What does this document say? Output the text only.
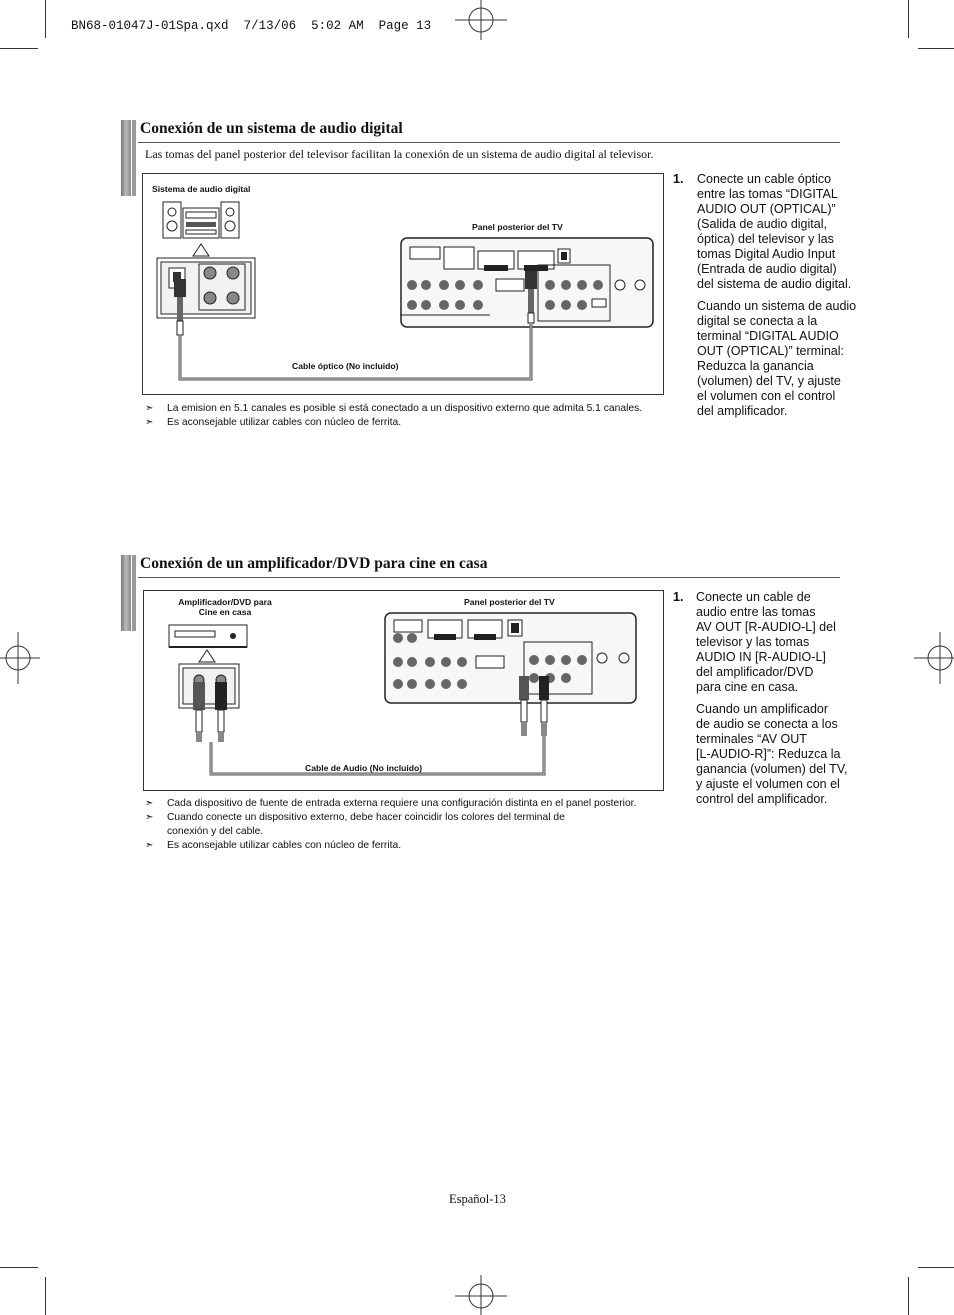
BN68-01047J-01Spa.qxd 7/13/06 5:02 AM Page 13

Conexión de un sistema de audio digital
Las tomas del panel posterior del televisor facilitan la conexión de un sistema de audio digital al televisor.
Sistema de audio digital
Panel posterior del TV
Cable óptico (No incluido)
1. Conecte un cable óptico
entre las tomas “DIGITAL
AUDIO OUT (OPTICAL)”
(Salida de audio digital,
óptica) del televisor y las
tomas Digital Audio Input
(Entrada de audio digital)
del sistema de audio digital.
Cuando un sistema de audio
digital se conecta a la
terminal “DIGITAL AUDIO
OUT (OPTICAL)” terminal:
Reduzca la ganancia
(volumen) del TV, y ajuste
el volumen con el control
del amplificador.
➣ La emision en 5.1 canales es posible si está conectado a un dispositivo externo que admita 5.1 canales.
➣ Es aconsejable utilizar cables con núcleo de ferrita.
Conexión de un amplificador/DVD para cine en casa
Amplificador/DVD para
Cine en casa
Panel posterior del TV
Cable de Audio (No incluido)
1. Conecte un cable de
audio entre las tomas
AV OUT [R-AUDIO-L] del
televisor y las tomas
AUDIO IN [R-AUDIO-L]
del amplificador/DVD
para cine en casa.
Cuando un amplificador
de audio se conecta a los
terminales “AV OUT
[L-AUDIO-R]”: Reduzca la
ganancia (volumen) del TV,
y ajuste el volumen con el
control del amplificador.
➣ Cada dispositivo de fuente de entrada externa requiere una configuración distinta en el panel posterior.
➣ Cuando conecte un dispositivo externo, debe hacer coincidir los colores del terminal de
conexión y del cable.
➣ Es aconsejable utilizar cables con núcleo de ferrita.
Español-13
